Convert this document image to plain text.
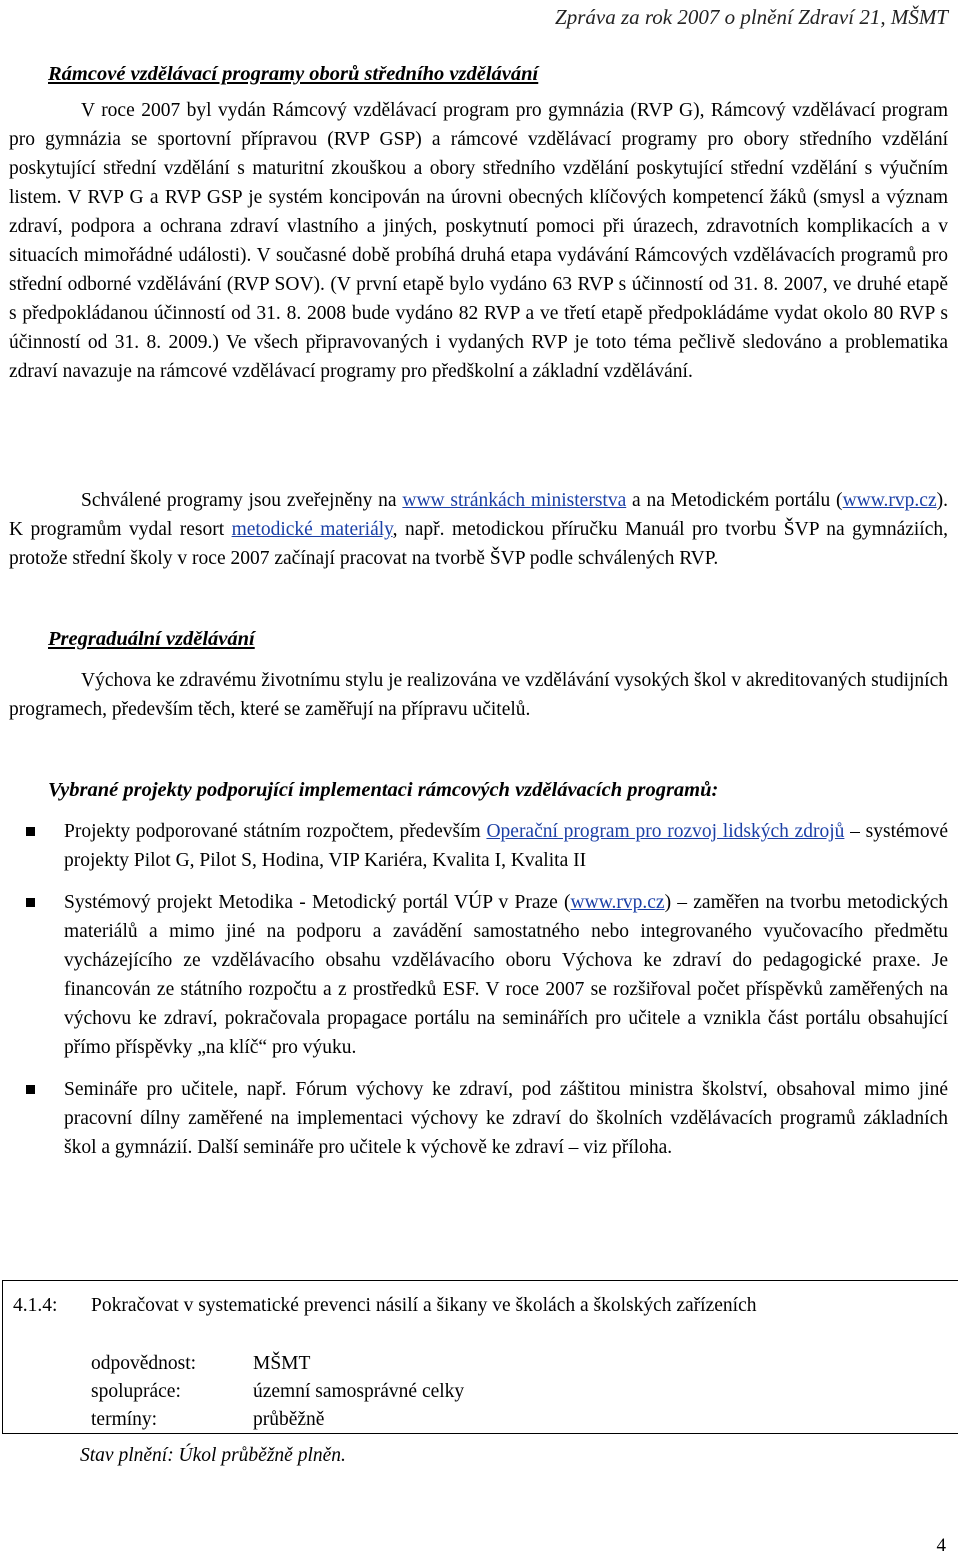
Zpráva za rok 2007 o plnění Zdraví 21, MŠMT
Rámcové vzdělávací programy oborů středního vzdělávání

V roce 2007 byl vydán Rámcový vzdělávací program pro gymnázia (RVP G), Rámcový vzdělávací program pro gymnázia se sportovní přípravou (RVP GSP) a rámcové vzdělávací programy pro obory středního vzdělání poskytující střední vzdělání s maturitní zkouškou a obory středního vzdělání poskytující střední vzdělání s výučním listem. V RVP G a RVP GSP je systém koncipován na úrovni obecných klíčových kompetencí žáků (smysl a význam zdraví, podpora a ochrana zdraví vlastního a jiných, poskytnutí pomoci při úrazech, zdravotních komplikacích a v situacích mimořádné události). V současné době probíhá druhá etapa vydávání Rámcových vzdělávacích programů pro střední odborné vzdělávání (RVP SOV). (V první etapě bylo vydáno 63 RVP s účinností od 31. 8. 2007, ve druhé etapě s předpokládanou účinností od 31. 8. 2008 bude vydáno 82 RVP a ve třetí etapě předpokládáme vydat okolo 80 RVP s účinností od 31. 8. 2009.) Ve všech připravovaných i vydaných RVP je toto téma pečlivě sledováno a problematika zdraví navazuje na rámcové vzdělávací programy pro předškolní a základní vzdělávání.

Schválené programy jsou zveřejněny na www stránkách ministerstva a na Metodickém portálu (www.rvp.cz). K programům vydal resort metodické materiály, např. metodickou příručku Manuál pro tvorbu ŠVP na gymnáziích, protože střední školy v roce 2007 začínají pracovat na tvorbě ŠVP podle schválených RVP.

Pregraduální vzdělávání

Výchova ke zdravému životnímu stylu je realizována ve vzdělávání vysokých škol v akreditovaných studijních programech, především těch, které se zaměřují na přípravu učitelů.

Vybrané projekty podporující implementaci rámcových vzdělávacích programů:
Projekty podporované státním rozpočtem, především Operační program pro rozvoj lidských zdrojů – systémové projekty Pilot G, Pilot S, Hodina, VIP Kariéra, Kvalita I, Kvalita II
Systémový projekt Metodika - Metodický portál VÚP v Praze (www.rvp.cz) – zaměřen na tvorbu metodických materiálů a mimo jiné na podporu a zavádění samostatného nebo integrovaného vyučovacího předmětu vycházejícího ze vzdělávacího obsahu vzdělávacího oboru Výchova ke zdraví do pedagogické praxe. Je financován ze státního rozpočtu a z prostředků ESF. V roce 2007 se rozšiřoval počet příspěvků zaměřených na výchovu ke zdraví, pokračovala propagace portálu na seminářích pro učitele a vznikla část portálu obsahující přímo příspěvky „na klíč“ pro výuku.
Semináře pro učitele, např. Fórum výchovy ke zdraví, pod záštitou ministra školství, obsahoval mimo jiné pracovní dílny zaměřené na implementaci výchovy ke zdraví do školních vzdělávacích programů základních škol a gymnázií. Další semináře pro učitele k výchově ke zdraví – viz příloha.
4.1.4: Pokračovat v systematické prevenci násilí a šikany ve školách a školských zařízeních
odpovědnost:	MŠMT
spolupráce:	územní samosprávné celky
termíny:	průběžně
Stav plnění: Úkol průběžně plněn.
4
